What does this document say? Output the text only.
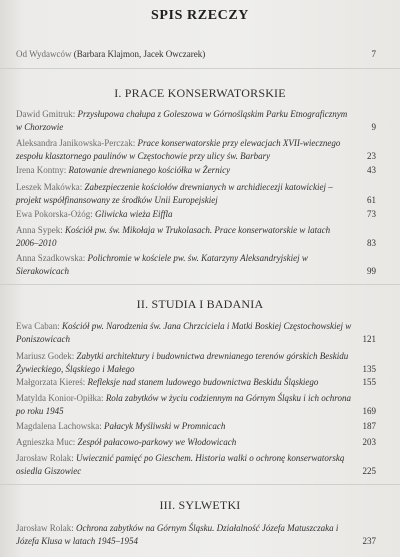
SPIS RZECZY
Od Wydawców (Barbara Klajmon, Jacek Owczarek)	7
I. PRACE KONSERWATORSKIE
Dawid Gmitruk: Przysłupowa chałupa z Goleszowa w Górnośląskim Parku Etnograficznym w Chorzowie	9
Aleksandra Janikowska-Perczak: Prace konserwatorskie przy elewacjach XVII-wiecznego zespołu klasztornego paulinów w Częstochowie przy ulicy św. Barbary	23
Irena Kontny: Ratowanie drewnianego kościółka w Żernicy	43
Leszek Makówka: Zabezpieczenie kościołów drewnianych w archidiecezji katowickiej – projekt współfinansowany ze środków Unii Europejskiej	61
Ewa Pokorska-Ożóg: Gliwicka wieża Eiffla	73
Anna Sypek: Kościół pw. św. Mikołaja w Trukolasach. Prace konserwatorskie w latach 2006–2010	83
Anna Szadkowska: Polichromie w kościele pw. św. Katarzyny Aleksandryjskiej w Sierakowicach	99
II. STUDIA I BADANIA
Ewa Caban: Kościół pw. Narodzenia św. Jana Chrzciciela i Matki Boskiej Częstochowskiej w Poniszowicach	121
Mariusz Godek: Zabytki architektury i budownictwa drewnianego terenów górskich Beskidu Żywieckiego, Śląskiego i Małego	135
Małgorzata Kiereś: Refleksje nad stanem ludowego budownictwa Beskidu Śląskiego	155
Matylda Konior-Opiłka: Rola zabytków w życiu codziennym na Górnym Śląsku i ich ochrona po roku 1945	169
Magdalena Lachowska: Pałacyk Myśliwski w Promnicach	187
Agnieszka Muc: Zespół pałacowo-parkowy we Włodowicach	203
Jarosław Rolak: Uwiecznić pamięć po Gieschem. Historia walki o ochronę konserwatorską osiedla Giszowiec	225
III. SYLWETKI
Jarosław Rolak: Ochrona zabytków na Górnym Śląsku. Działalność Józefa Matuszczaka i Józefa Klusa w latach 1945–1954	237
